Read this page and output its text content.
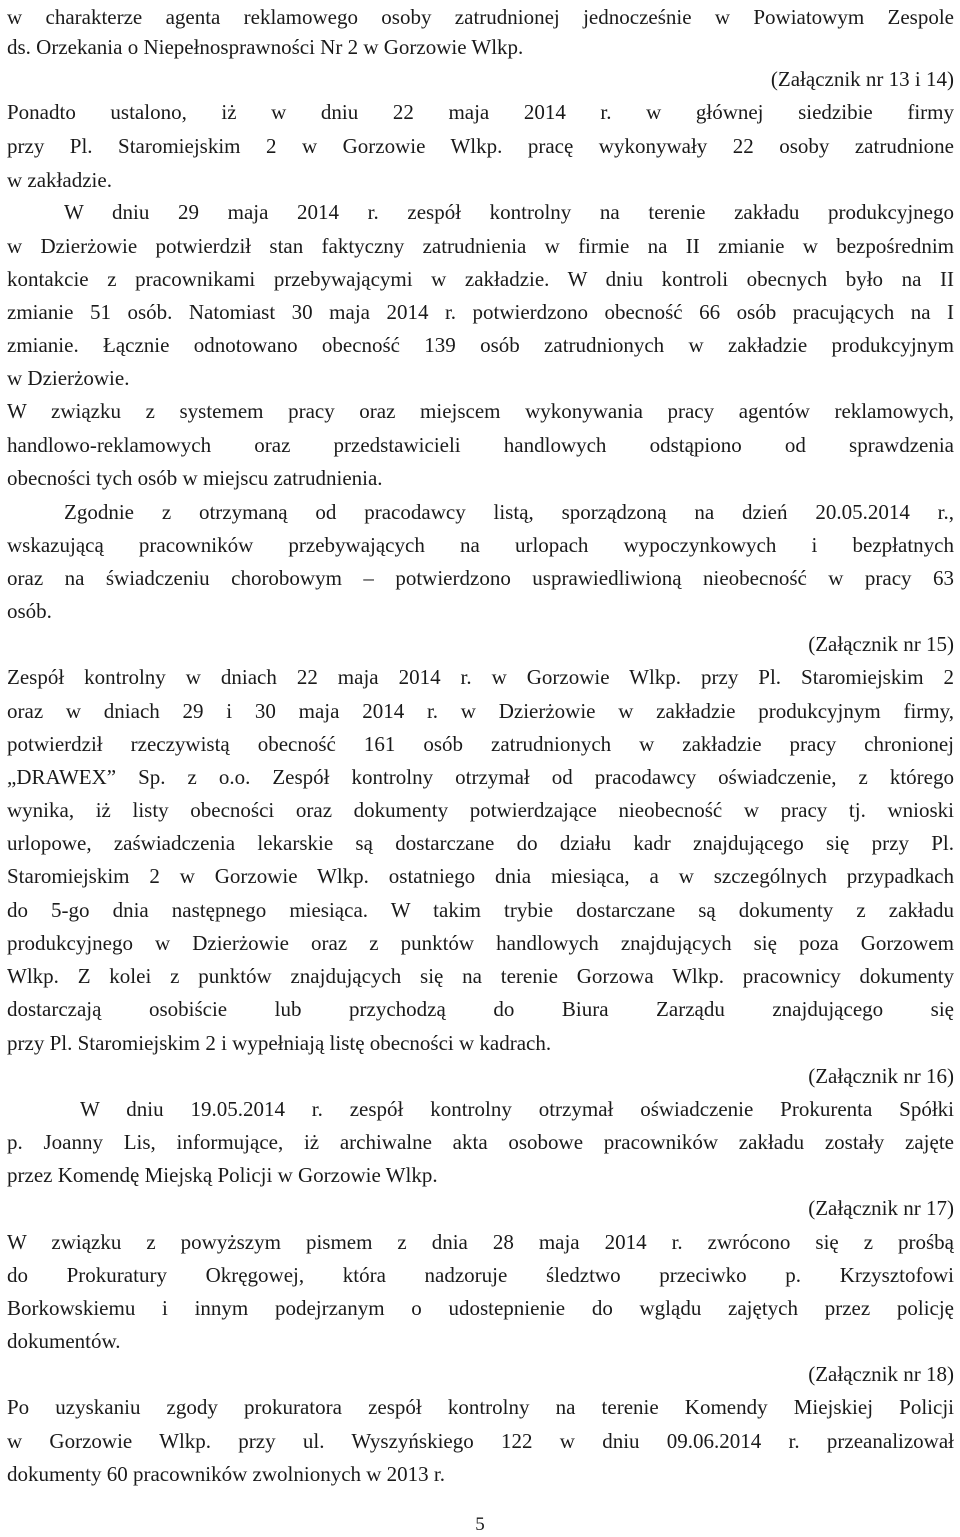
w charakterze agenta reklamowego osoby zatrudnionej jednocześnie w Powiatowym Zespole
ds. Orzekania o Niepełnosprawności Nr 2 w Gorzowie Wlkp.
(Załącznik nr 13 i 14)
Ponadto ustalono, iż w dniu 22 maja 2014 r. w głównej siedzibie firmy
przy Pl. Staromiejskim 2 w Gorzowie Wlkp. pracę wykonywały 22 osoby zatrudnione
w zakładzie.
W dniu 29 maja 2014 r. zespół kontrolny na terenie zakładu produkcyjnego
w Dzierżowie potwierdził stan faktyczny zatrudnienia w firmie na II zmianie w bezpośrednim
kontakcie z pracownikami przebywającymi w zakładzie. W dniu kontroli obecnych było na II
zmianie 51 osób. Natomiast 30 maja 2014 r. potwierdzono obecność 66 osób pracujących na I
zmianie. Łącznie odnotowano obecność 139 osób zatrudnionych w zakładzie produkcyjnym
w Dzierżowie.
W związku z systemem pracy oraz miejscem wykonywania pracy agentów reklamowych,
handlowo-reklamowych oraz przedstawicieli handlowych odstąpiono od sprawdzenia
obecności tych osób w miejscu zatrudnienia.
Zgodnie z otrzymaną od pracodawcy listą, sporządzoną na dzień 20.05.2014 r.,
wskazującą pracowników przebywających na urlopach wypoczynkowych i bezpłatnych
oraz na świadczeniu chorobowym – potwierdzono usprawiedliwioną nieobecność w pracy 63
osób.
(Załącznik nr 15)
Zespół kontrolny w dniach 22 maja 2014 r. w Gorzowie Wlkp. przy Pl. Staromiejskim 2
oraz w dniach 29 i 30 maja 2014 r. w Dzierżowie w zakładzie produkcyjnym firmy,
potwierdził rzeczywistą obecność 161 osób zatrudnionych w zakładzie pracy chronionej
„DRAWEX” Sp. z o.o. Zespół kontrolny otrzymał od pracodawcy oświadczenie, z którego
wynika, iż listy obecności oraz dokumenty potwierdzające nieobecność w pracy tj. wnioski
urlopowe, zaświadczenia lekarskie są dostarczane do działu kadr znajdującego się przy Pl.
Staromiejskim 2 w Gorzowie Wlkp. ostatniego dnia miesiąca, a w szczególnych przypadkach
do 5-go dnia następnego miesiąca. W takim trybie dostarczane są dokumenty z zakładu
produkcyjnego w Dzierżowie oraz z punktów handlowych znajdujących się poza Gorzowem
Wlkp. Z kolei z punktów znajdujących się na terenie Gorzowa Wlkp. pracownicy dokumenty
dostarczają osobiście lub przychodzą do Biura Zarządu znajdującego się
przy Pl. Staromiejskim 2 i wypełniają listę obecności w kadrach.
(Załącznik nr 16)
W dniu 19.05.2014 r. zespół kontrolny otrzymał oświadczenie Prokurenta Spółki
p. Joanny Lis, informujące, iż archiwalne akta osobowe pracowników zakładu zostały zajęte
przez Komendę Miejską Policji w Gorzowie Wlkp.
(Załącznik nr 17)
W związku z powyższym pismem z dnia 28 maja 2014 r. zwrócono się z prośbą
do Prokuratury Okręgowej, która nadzoruje śledztwo przeciwko p. Krzysztofowi
Borkowskiemu i innym podejrzanym o udostepnienie do wglądu zajętych przez policję
dokumentów.
(Załącznik nr 18)
Po uzyskaniu zgody prokuratora zespół kontrolny na terenie Komendy Miejskiej Policji
w Gorzowie Wlkp. przy ul. Wyszyńskiego 122 w dniu 09.06.2014 r. przeanalizował
dokumenty 60 pracowników zwolnionych w 2013 r.
5
